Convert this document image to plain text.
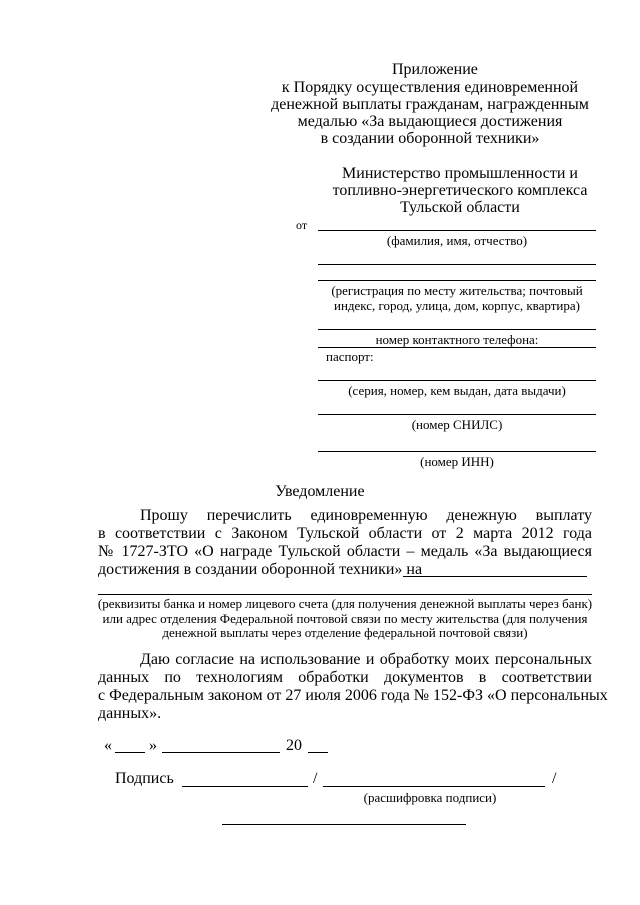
Приложение
к Порядку осуществления единовременной
денежной выплаты гражданам, награжденным
медалью «За выдающиеся достижения
в создании оборонной техники»
Министерство промышленности и
топливно-энергетического комплекса
Тульской области
от
(фамилия, имя, отчество)
(регистрация по месту жительства; почтовый
индекс, город, улица, дом, корпус, квартира)
номер контактного телефона:
паспорт:
(серия, номер, кем выдан, дата выдачи)
(номер СНИЛС)
(номер ИНН)
Уведомление
Прошу перечислить единовременную денежную выплату
в соответствии с Законом Тульской области от 2 марта 2012 года
№ 1727-ЗТО «О награде Тульской области – медаль «За выдающиеся
достижения в создании оборонной техники» на
(реквизиты банка и номер лицевого счета (для получения денежной выплаты через банк)
или адрес отделения Федеральной почтовой связи по месту жительства (для получения
денежной выплаты через отделение федеральной почтовой связи)
Даю согласие на использование и обработку моих персональных
данных по технологиям обработки документов в соответствии
с Федеральным законом от 27 июля 2006 года № 152-ФЗ «О персональных
данных».
« »	20
Подпись	/	/
(расшифровка подписи)
